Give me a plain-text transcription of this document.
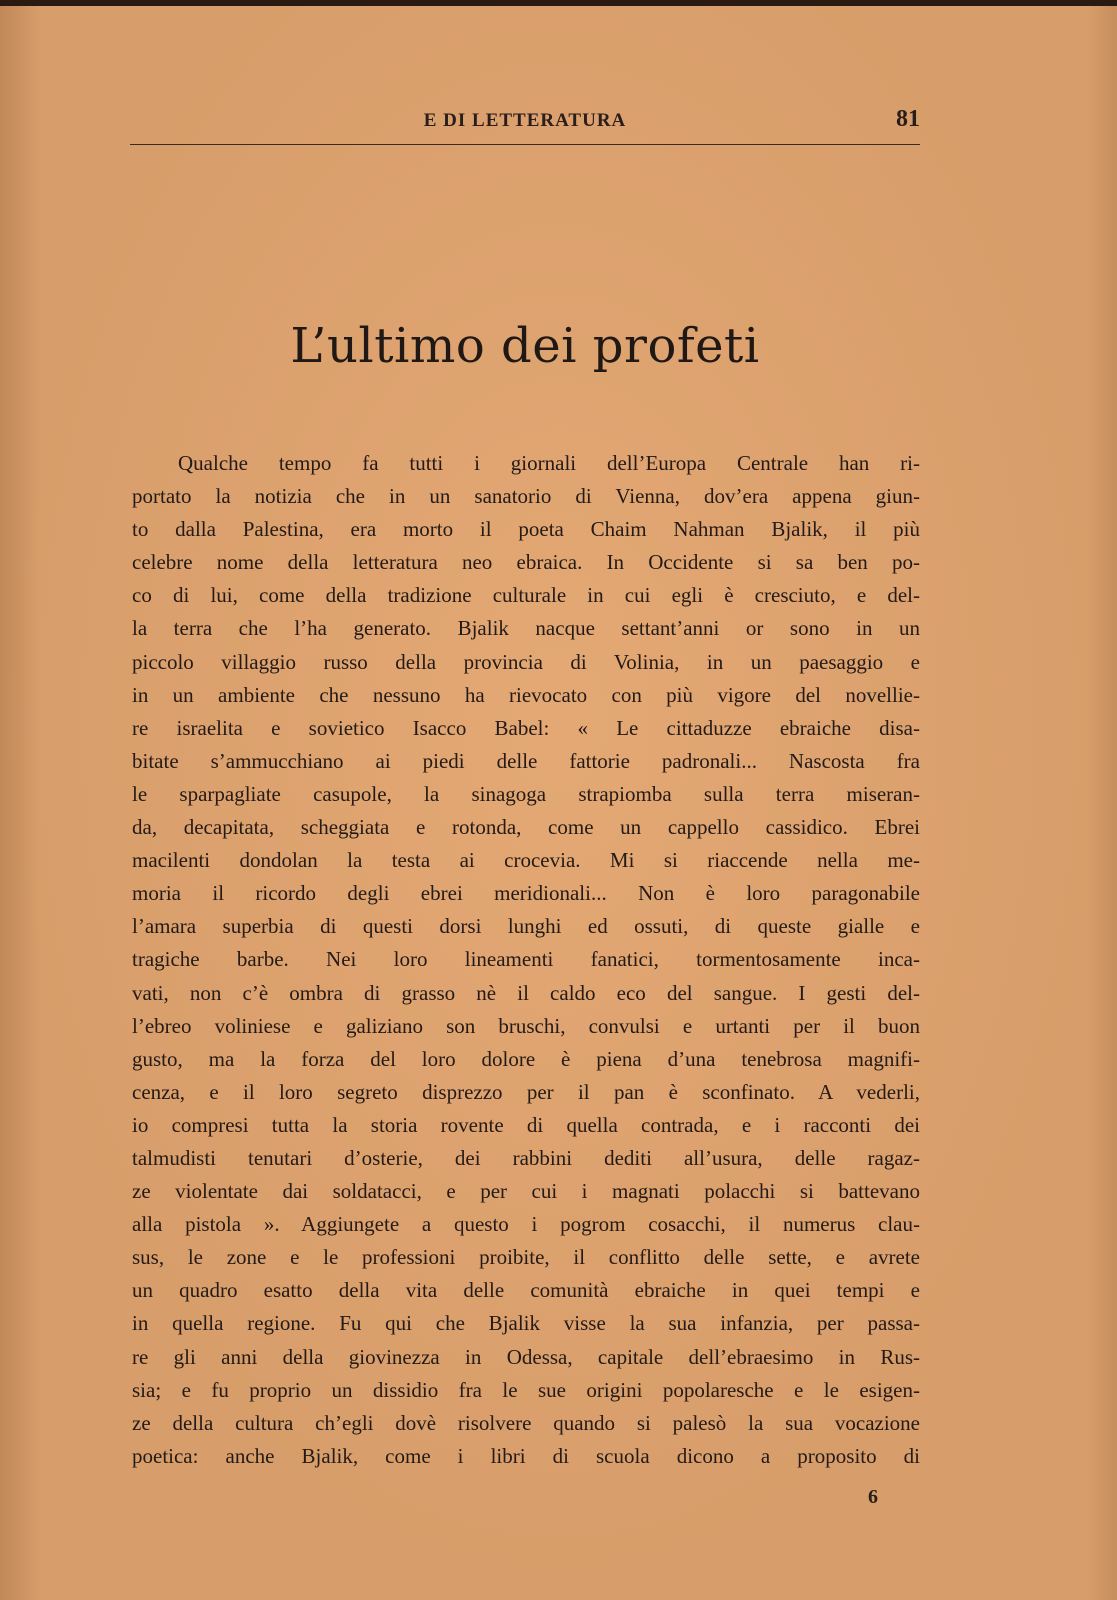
E DI LETTERATURA	81
L’ultimo dei profeti
Qualche tempo fa tutti i giornali dell’Europa Centrale han ri-
portato la notizia che in un sanatorio di Vienna, dov’era appena giun-
to dalla Palestina, era morto il poeta Chaim Nahman Bjalik, il più
celebre nome della letteratura neo ebraica. In Occidente si sa ben po-
co di lui, come della tradizione culturale in cui egli è cresciuto, e del-
la terra che l’ha generato. Bjalik nacque settant’anni or sono in un
piccolo villaggio russo della provincia di Volinia, in un paesaggio e
in un ambiente che nessuno ha rievocato con più vigore del novellie-
re israelita e sovietico Isacco Babel: « Le cittaduzze ebraiche disa-
bitate s’ammucchiano ai piedi delle fattorie padronali... Nascosta fra
le sparpagliate casupole, la sinagoga strapiomba sulla terra miseran-
da, decapitata, scheggiata e rotonda, come un cappello cassidico. Ebrei
macilenti dondolan la testa ai crocevia. Mi si riaccende nella me-
moria il ricordo degli ebrei meridionali... Non è loro paragonabile
l’amara superbia di questi dorsi lunghi ed ossuti, di queste gialle e
tragiche barbe. Nei loro lineamenti fanatici, tormentosamente inca-
vati, non c’è ombra di grasso nè il caldo eco del sangue. I gesti del-
l’ebreo voliniese e galiziano son bruschi, convulsi e urtanti per il buon
gusto, ma la forza del loro dolore è piena d’una tenebrosa magnifi-
cenza, e il loro segreto disprezzo per il pan è sconfinato. A vederli,
io compresi tutta la storia rovente di quella contrada, e i racconti dei
talmudisti tenutari d’osterie, dei rabbini dediti all’usura, delle ragaz-
ze violentate dai soldatacci, e per cui i magnati polacchi si battevano
alla pistola ». Aggiungete a questo i pogrom cosacchi, il numerus clau-
sus, le zone e le professioni proibite, il conflitto delle sette, e avrete
un quadro esatto della vita delle comunità ebraiche in quei tempi e
in quella regione. Fu qui che Bjalik visse la sua infanzia, per passa-
re gli anni della giovinezza in Odessa, capitale dell’ebraesimo in Rus-
sia; e fu proprio un dissidio fra le sue origini popolaresche e le esigen-
ze della cultura ch’egli dovè risolvere quando si palesò la sua vocazione
poetica: anche Bjalik, come i libri di scuola dicono a proposito di
6
